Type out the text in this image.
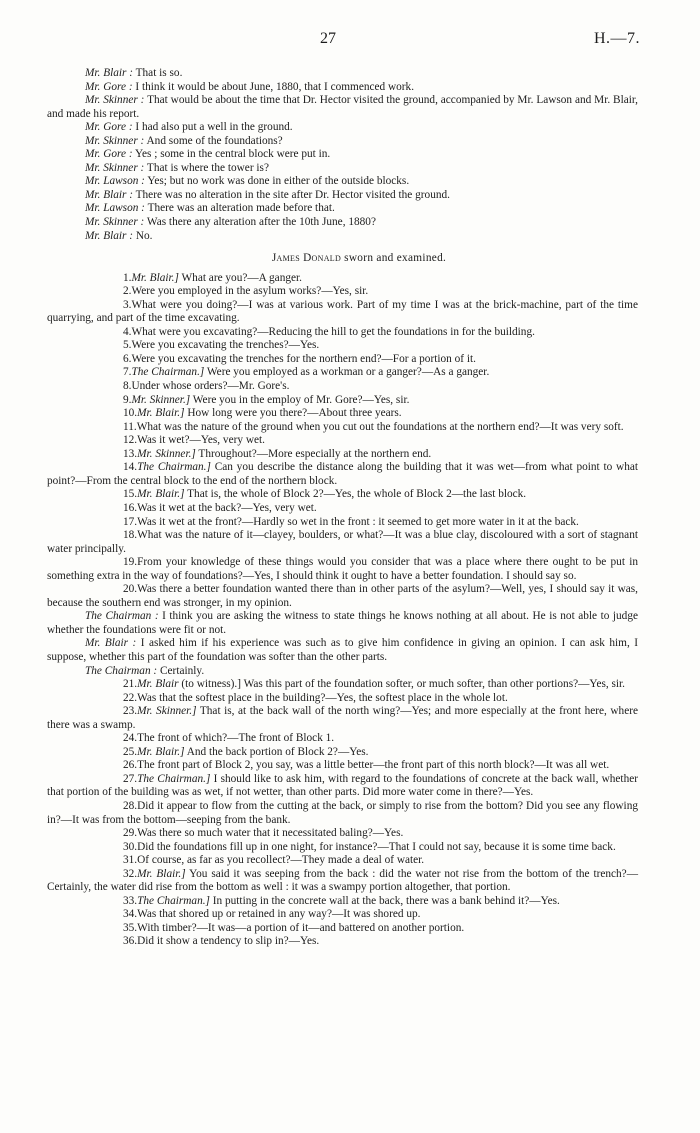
27	H.—7.

Mr. Blair : That is so.

Mr. Gore : I think it would be about June, 1880, that I commenced work.

Mr. Skinner : That would be about the time that Dr. Hector visited the ground, accompanied by Mr. Lawson and Mr. Blair, and made his report.

Mr. Gore : I had also put a well in the ground.

Mr. Skinner : And some of the foundations?

Mr. Gore : Yes ; some in the central block were put in.

Mr. Skinner : That is where the tower is?

Mr. Lawson : Yes; but no work was done in either of the outside blocks.

Mr. Blair : There was no alteration in the site after Dr. Hector visited the ground.

Mr. Lawson : There was an alteration made before that.

Mr. Skinner : Was there any alteration after the 10th June, 1880?

Mr. Blair : No.

James Donald sworn and examined.

1.Mr. Blair.] What are you?—A ganger.

2.Were you employed in the asylum works?—Yes, sir.

3.What were you doing?—I was at various work. Part of my time I was at the brick-machine, part of the time quarrying, and part of the time excavating.

4.What were you excavating?—Reducing the hill to get the foundations in for the building.

5.Were you excavating the trenches?—Yes.

6.Were you excavating the trenches for the northern end?—For a portion of it.

7.The Chairman.] Were you employed as a workman or a ganger?—As a ganger.

8.Under whose orders?—Mr. Gore's.

9.Mr. Skinner.] Were you in the employ of Mr. Gore?—Yes, sir.

10.Mr. Blair.] How long were you there?—About three years.

11.What was the nature of the ground when you cut out the foundations at the northern end?—It was very soft.

12.Was it wet?—Yes, very wet.

13.Mr. Skinner.] Throughout?—More especially at the northern end.

14.The Chairman.] Can you describe the distance along the building that it was wet—from what point to what point?—From the central block to the end of the northern block.

15.Mr. Blair.] That is, the whole of Block 2?—Yes, the whole of Block 2—the last block.

16.Was it wet at the back?—Yes, very wet.

17.Was it wet at the front?—Hardly so wet in the front : it seemed to get more water in it at the back.

18.What was the nature of it—clayey, boulders, or what?—It was a blue clay, discoloured with a sort of stagnant water principally.

19.From your knowledge of these things would you consider that was a place where there ought to be put in something extra in the way of foundations?—Yes, I should think it ought to have a better foundation. I should say so.

20.Was there a better foundation wanted there than in other parts of the asylum?—Well, yes, I should say it was, because the southern end was stronger, in my opinion.

The Chairman : I think you are asking the witness to state things he knows nothing at all about. He is not able to judge whether the foundations were fit or not.

Mr. Blair : I asked him if his experience was such as to give him confidence in giving an opinion. I can ask him, I suppose, whether this part of the foundation was softer than the other parts.

The Chairman : Certainly.

21.Mr. Blair (to witness).] Was this part of the foundation softer, or much softer, than other portions?—Yes, sir.

22.Was that the softest place in the building?—Yes, the softest place in the whole lot.

23.Mr. Skinner.] That is, at the back wall of the north wing?—Yes; and more especially at the front here, where there was a swamp.

24.The front of which?—The front of Block 1.

25.Mr. Blair.] And the back portion of Block 2?—Yes.

26.The front part of Block 2, you say, was a little better—the front part of this north block?—It was all wet.

27.The Chairman.] I should like to ask him, with regard to the foundations of concrete at the back wall, whether that portion of the building was as wet, if not wetter, than other parts. Did more water come in there?—Yes.

28.Did it appear to flow from the cutting at the back, or simply to rise from the bottom? Did you see any flowing in?—It was from the bottom—seeping from the bank.

29.Was there so much water that it necessitated baling?—Yes.

30.Did the foundations fill up in one night, for instance?—That I could not say, because it is some time back.

31.Of course, as far as you recollect?—They made a deal of water.

32.Mr. Blair.] You said it was seeping from the back : did the water not rise from the bottom of the trench?—Certainly, the water did rise from the bottom as well : it was a swampy portion altogether, that portion.

33.The Chairman.] In putting in the concrete wall at the back, there was a bank behind it?—Yes.

34.Was that shored up or retained in any way?—It was shored up.

35.With timber?—It was—a portion of it—and battered on another portion.

36.Did it show a tendency to slip in?—Yes.
